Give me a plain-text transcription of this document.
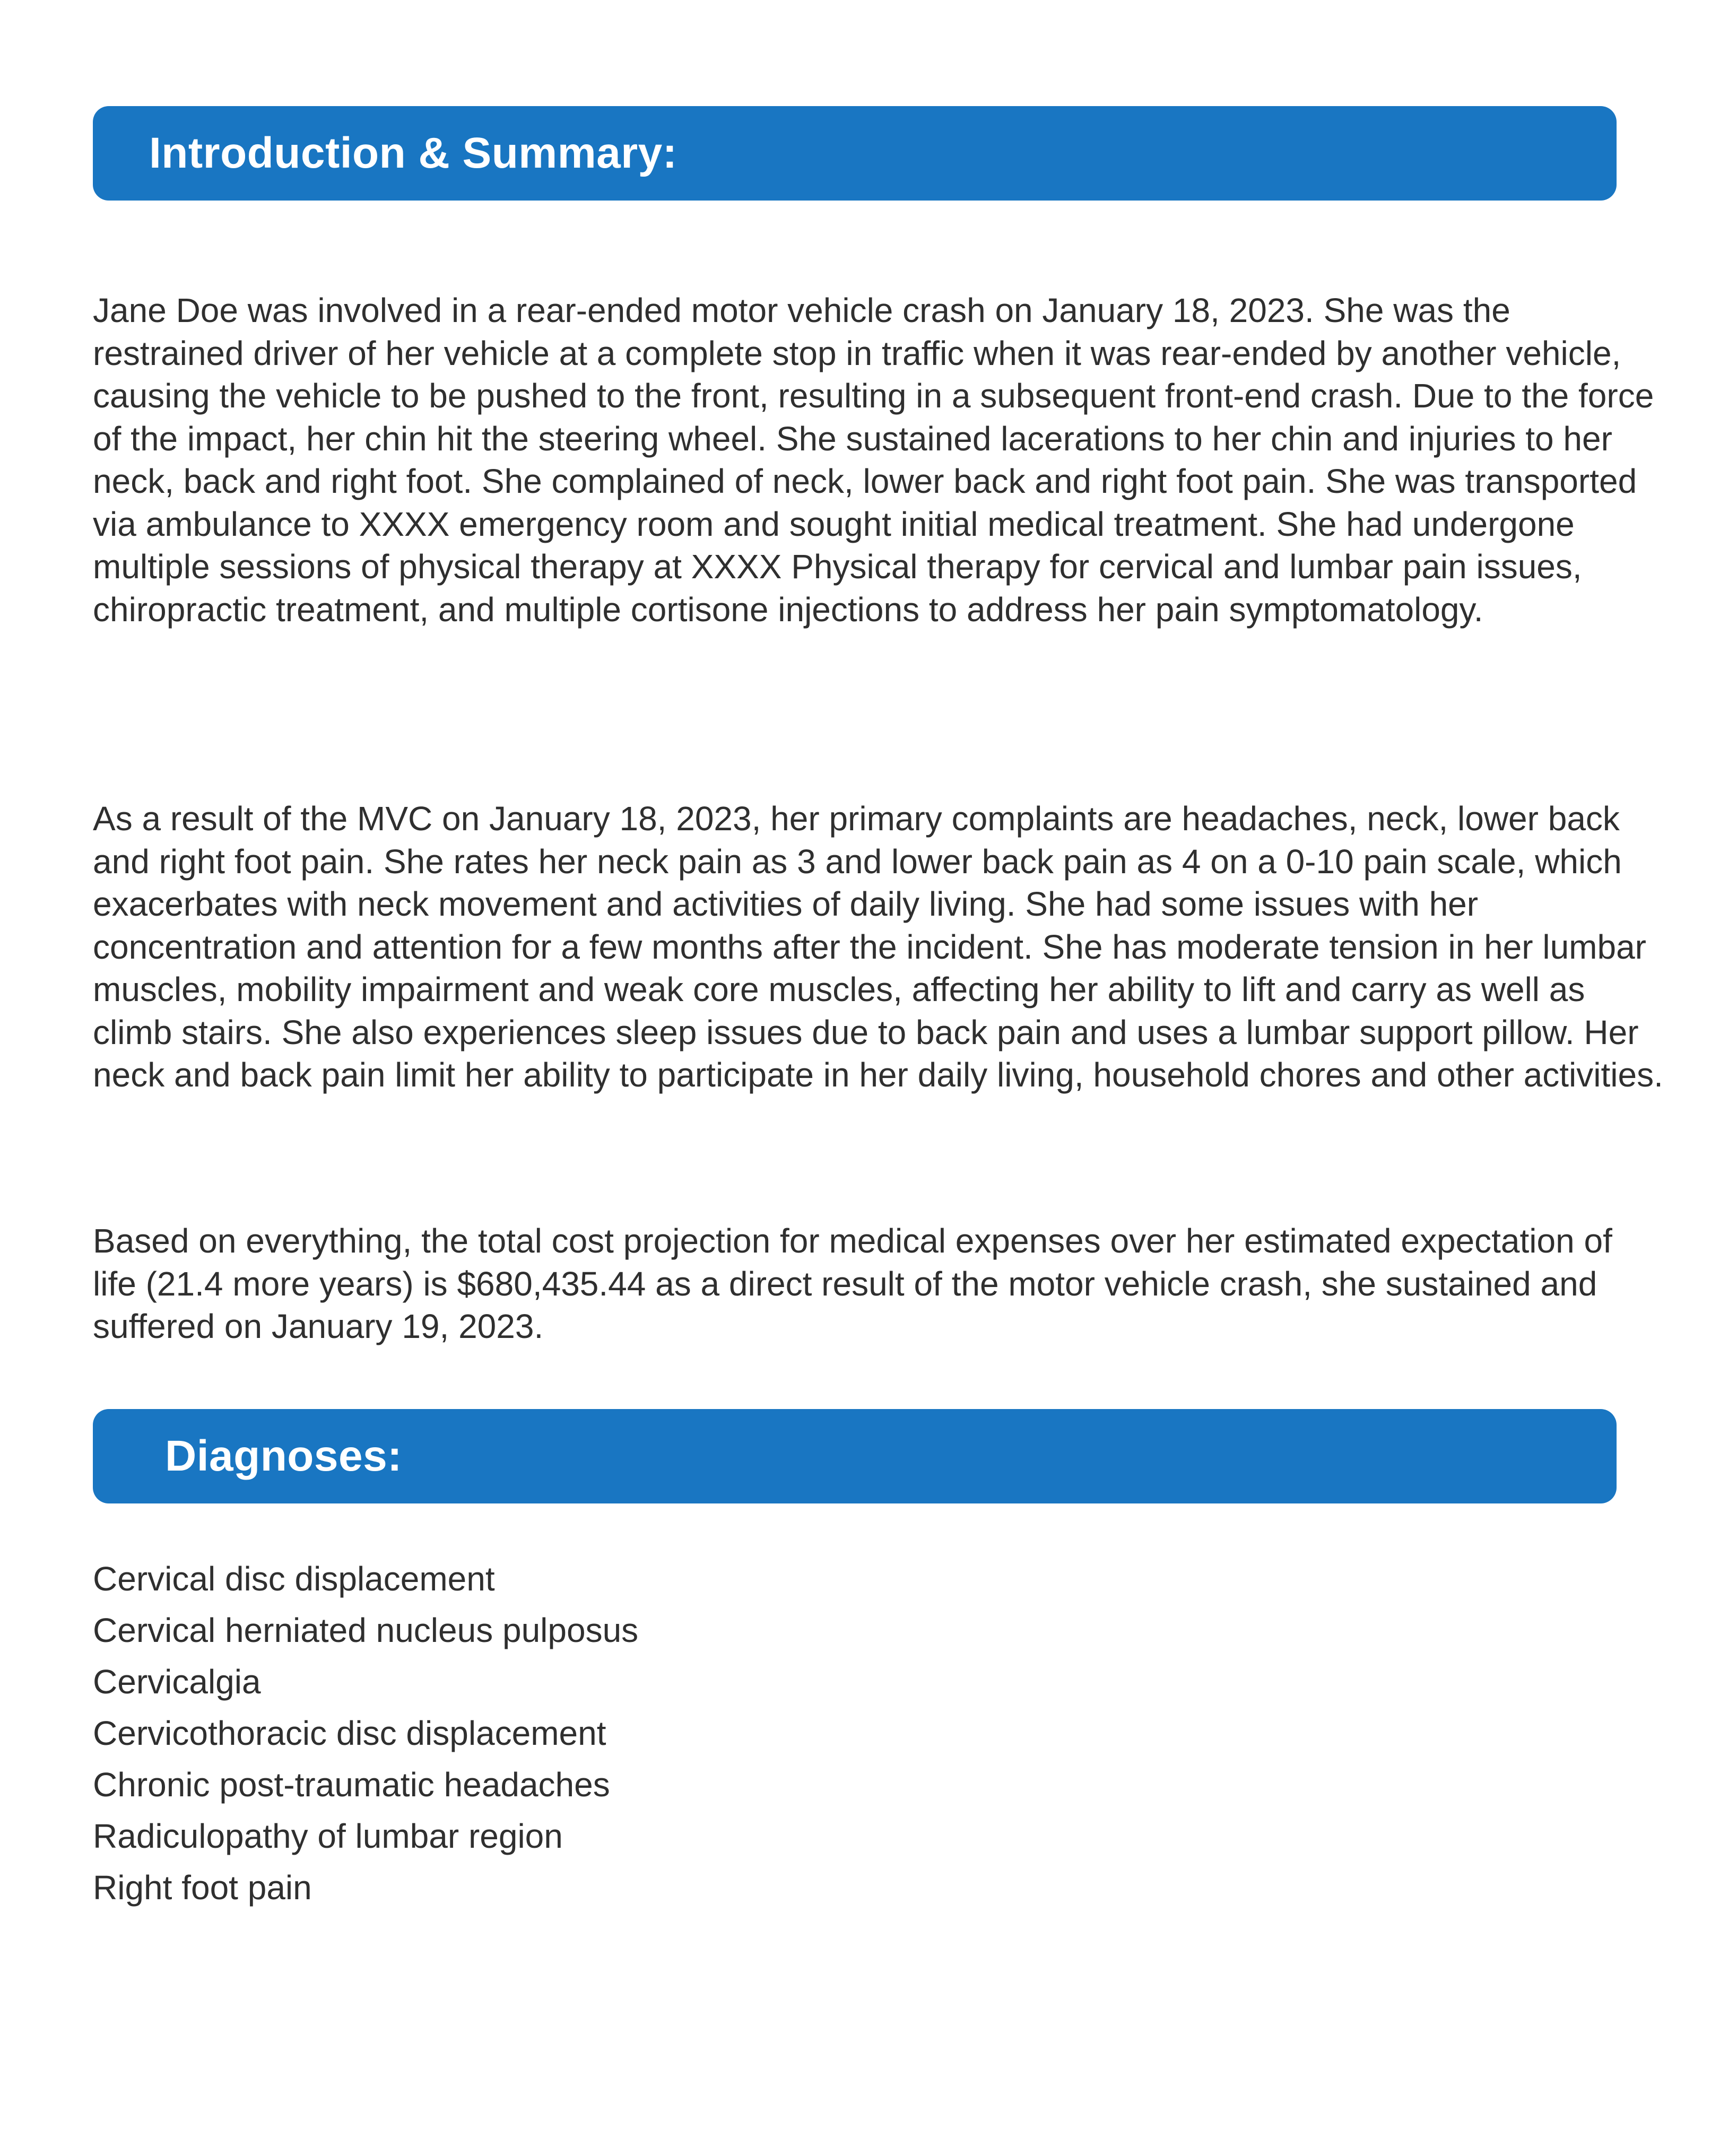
Introduction & Summary:

Jane Doe was involved in a rear-ended motor vehicle crash on January 18, 2023. She was the restrained driver of her vehicle at a complete stop in traffic when it was rear-ended by another vehicle, causing the vehicle to be pushed to the front, resulting in a subsequent front-end crash. Due to the force of the impact, her chin hit the steering wheel. She sustained lacerations to her chin and injuries to her neck, back and right foot. She complained of neck, lower back and right foot pain. She was transported via ambulance to XXXX emergency room and sought initial medical treatment. She had undergone multiple sessions of physical therapy at XXXX Physical therapy for cervical and lumbar pain issues, chiropractic treatment, and multiple cortisone injections to address her pain symptomatology.

As a result of the MVC on January 18, 2023, her primary complaints are headaches, neck, lower back and right foot pain. She rates her neck pain as 3 and lower back pain as 4 on a 0-10 pain scale, which exacerbates with neck movement and activities of daily living. She had some issues with her concentration and attention for a few months after the incident. She has moderate tension in her lumbar muscles, mobility impairment and weak core muscles, affecting her ability to lift and carry as well as climb stairs. She also experiences sleep issues due to back pain and uses a lumbar support pillow. Her neck and back pain limit her ability to participate in her daily living, household chores and other activities.

Based on everything, the total cost projection for medical expenses over her estimated expectation of life (21.4 more years) is $680,435.44 as a direct result of the motor vehicle crash, she sustained and suffered on January 19, 2023.

Diagnoses:
Cervical disc displacement
Cervical herniated nucleus pulposus
Cervicalgia
Cervicothoracic disc displacement
Chronic post-traumatic headaches
Radiculopathy of lumbar region
Right foot pain
